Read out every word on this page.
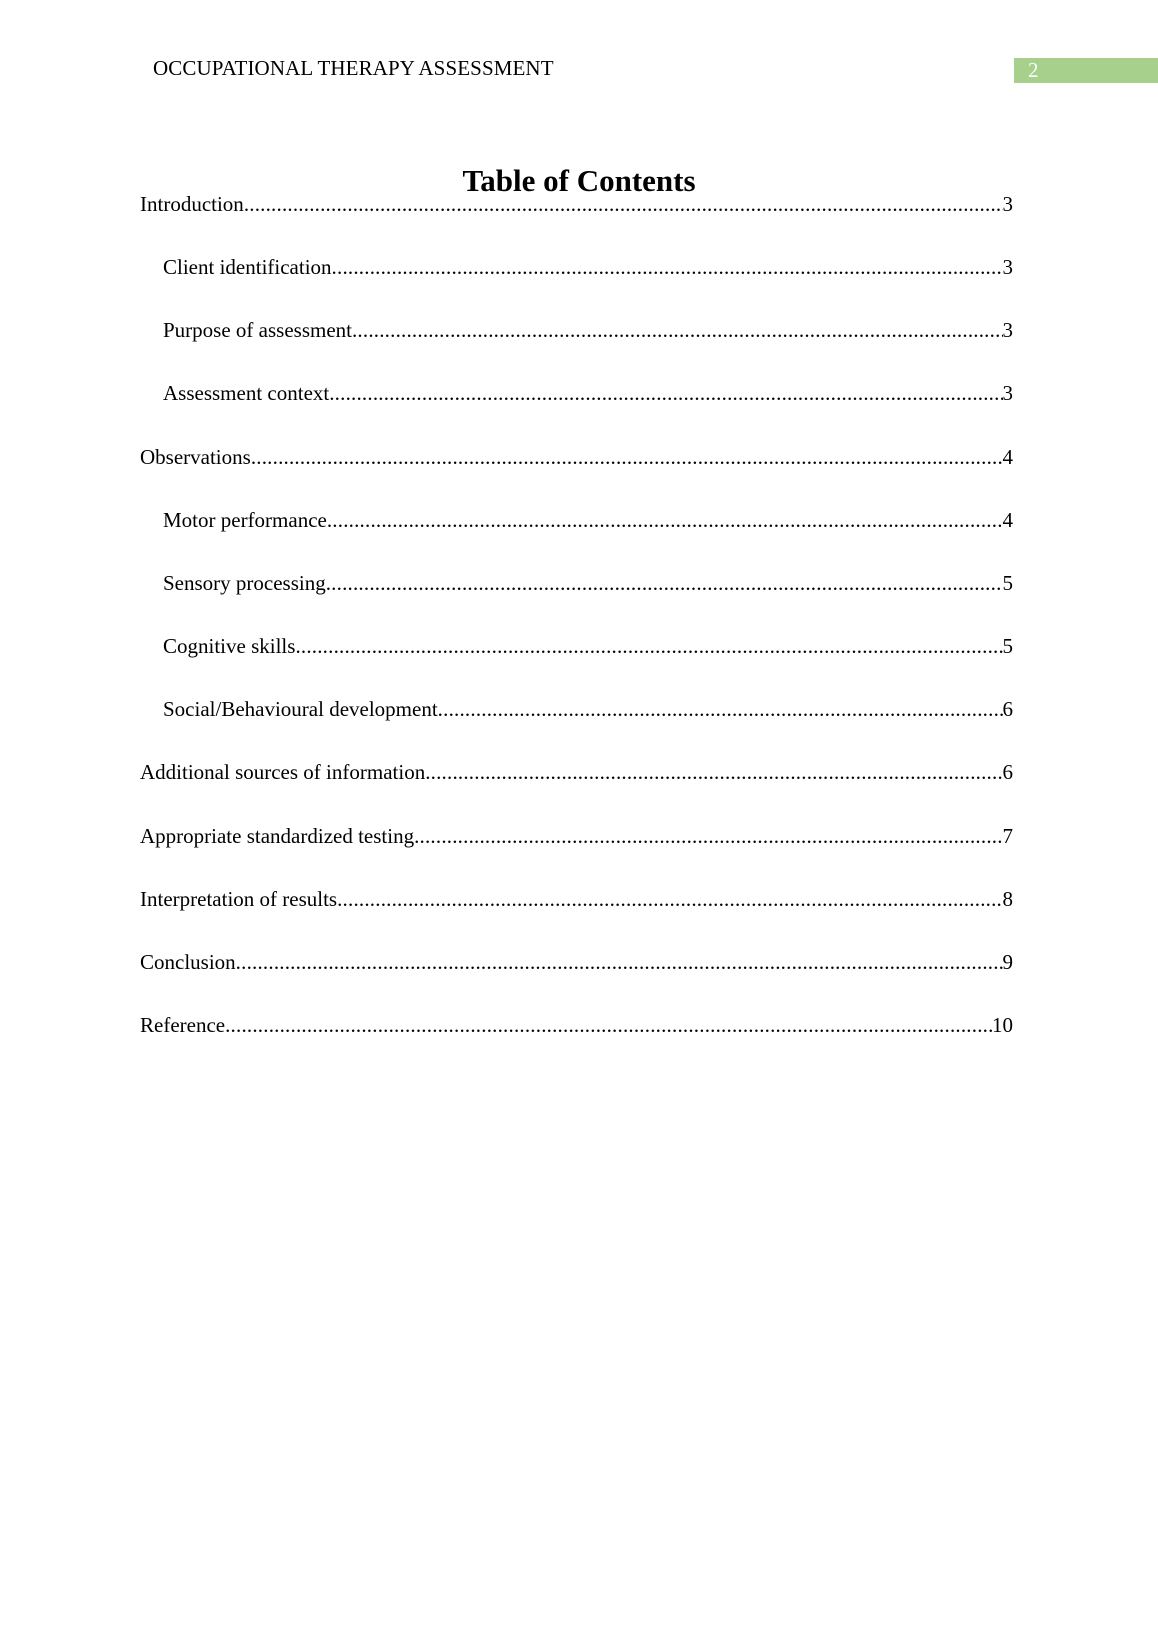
OCCUPATIONAL THERAPY ASSESSMENT	2
Table of Contents
Introduction .....	3
Client identification .....	3
Purpose of assessment .....	3
Assessment context .....	3
Observations .....	4
Motor performance .....	4
Sensory processing .....	5
Cognitive skills .....	5
Social/Behavioural development .....	6
Additional sources of information .....	6
Appropriate standardized testing .....	7
Interpretation of results .....	8
Conclusion .....	9
Reference .....	10
